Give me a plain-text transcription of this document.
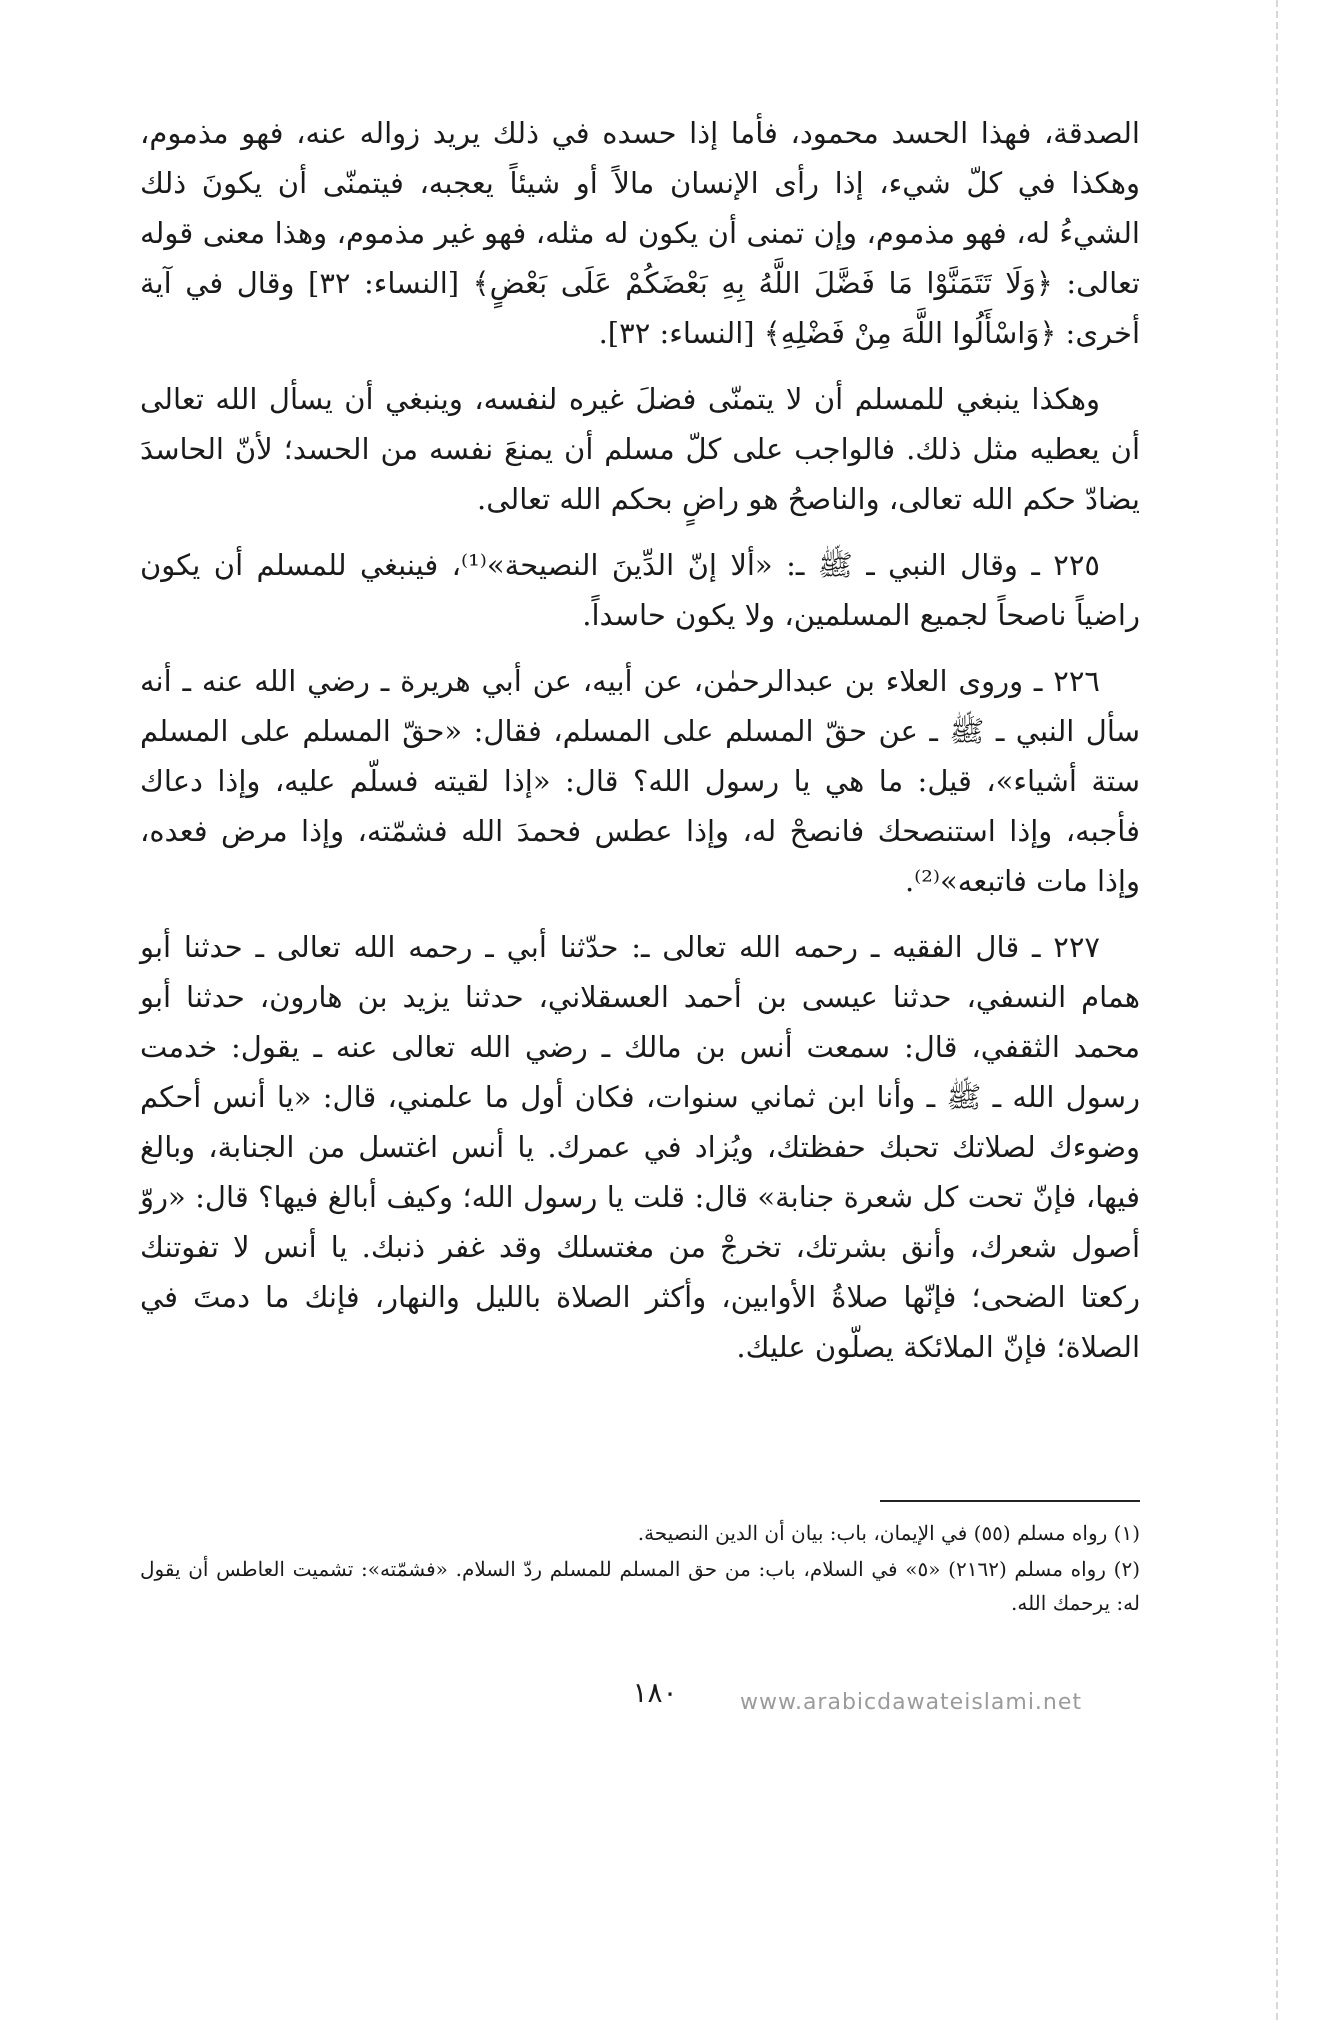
الصدقة، فهذا الحسد محمود، فأما إذا حسده في ذلك يريد زواله عنه، فهو مذموم، وهكذا في كلّ شيء، إذا رأى الإنسان مالاً أو شيئاً يعجبه، فيتمنّى أن يكونَ ذلك الشيءُ له، فهو مذموم، وإن تمنى أن يكون له مثله، فهو غير مذموم، وهذا معنى قوله تعالى: ﴿وَلَا تَتَمَنَّوْا مَا فَضَّلَ اللَّهُ بِهِ بَعْضَكُمْ عَلَى بَعْضٍ﴾ [النساء: ٣٢] وقال في آية أخرى: ﴿وَاسْأَلُوا اللَّهَ مِنْ فَضْلِهِ﴾ [النساء: ٣٢].

وهكذا ينبغي للمسلم أن لا يتمنّى فضلَ غيره لنفسه، وينبغي أن يسأل الله تعالى أن يعطيه مثل ذلك. فالواجب على كلّ مسلم أن يمنعَ نفسه من الحسد؛ لأنّ الحاسدَ يضادّ حكم الله تعالى، والناصحُ هو راضٍ بحكم الله تعالى.

٢٢٥ ـ وقال النبي ـ ﷺ ـ: «ألا إنّ الدِّينَ النصيحة»⁽¹⁾، فينبغي للمسلم أن يكون راضياً ناصحاً لجميع المسلمين، ولا يكون حاسداً.

٢٢٦ ـ وروى العلاء بن عبدالرحمٰن، عن أبيه، عن أبي هريرة ـ رضي الله عنه ـ أنه سأل النبي ـ ﷺ ـ عن حقّ المسلم على المسلم، فقال: «حقّ المسلم على المسلم ستة أشياء»، قيل: ما هي يا رسول الله؟ قال: «إذا لقيته فسلّم عليه، وإذا دعاك فأجبه، وإذا استنصحك فانصحْ له، وإذا عطس فحمدَ الله فشمّته، وإذا مرض فعده، وإذا مات فاتبعه»⁽²⁾.

٢٢٧ ـ قال الفقيه ـ رحمه الله تعالى ـ: حدّثنا أبي ـ رحمه الله تعالى ـ حدثنا أبو همام النسفي، حدثنا عيسى بن أحمد العسقلاني، حدثنا يزيد بن هارون، حدثنا أبو محمد الثقفي، قال: سمعت أنس بن مالك ـ رضي الله تعالى عنه ـ يقول: خدمت رسول الله ـ ﷺ ـ وأنا ابن ثماني سنوات، فكان أول ما علمني، قال: «يا أنس أحكم وضوءك لصلاتك تحبك حفظتك، ويُزاد في عمرك. يا أنس اغتسل من الجنابة، وبالغ فيها، فإنّ تحت كل شعرة جنابة» قال: قلت يا رسول الله؛ وكيف أبالغ فيها؟ قال: «روّ أصول شعرك، وأنق بشرتك، تخرجْ من مغتسلك وقد غفر ذنبك. يا أنس لا تفوتنك ركعتا الضحى؛ فإنّها صلاةُ الأوابين، وأكثر الصلاة بالليل والنهار، فإنك ما دمتَ في الصلاة؛ فإنّ الملائكة يصلّون عليك.

(١) رواه مسلم (٥٥) في الإيمان، باب: بيان أن الدين النصيحة.

(٢) رواه مسلم (٢١٦٢) «٥» في السلام، باب: من حق المسلم للمسلم ردّ السلام. «فشمّته»: تشميت العاطس أن يقول له: يرحمك الله.

١٨٠	www.arabicdawateislami.net
